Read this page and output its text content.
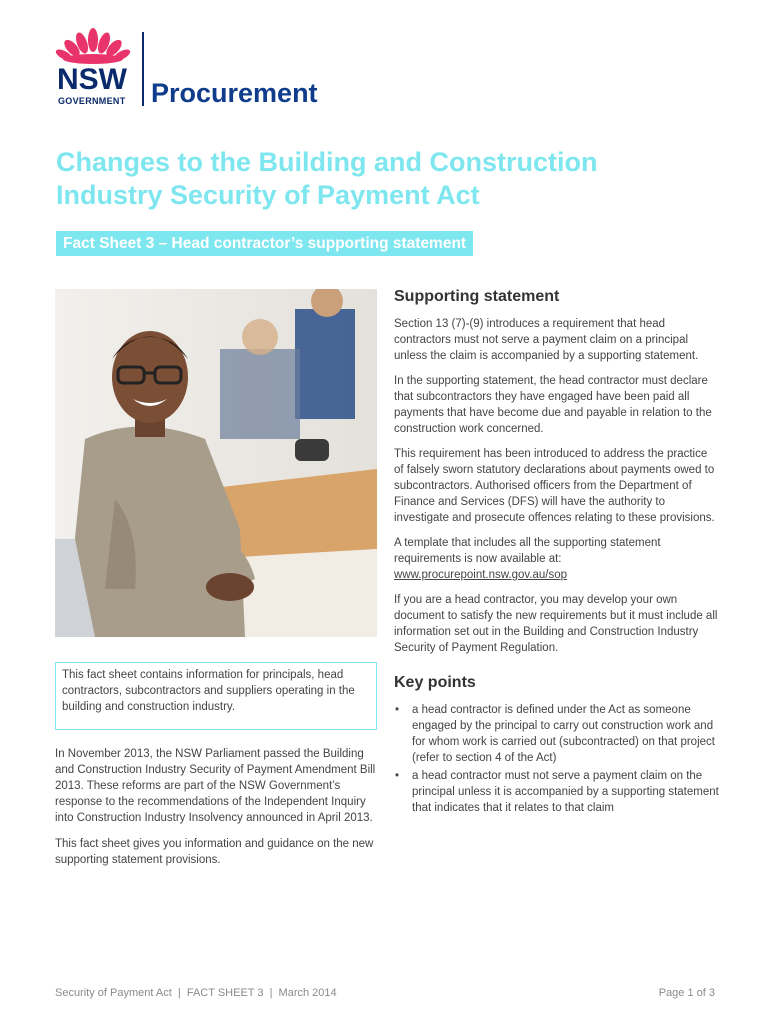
NSW
GOVERNMENT Procurement
Changes to the Building and Construction
Industry Security of Payment Act
Fact Sheet 3 – Head contractor’s supporting statement
This fact sheet contains information for principals, head contractors, subcontractors and suppliers operating in the building and construction industry.

In November 2013, the NSW Parliament passed the Building and Construction Industry Security of Payment Amendment Bill 2013. These reforms are part of the NSW Government’s response to the recommendations of the Independent Inquiry into Construction Industry Insolvency announced in April 2013.

This fact sheet gives you information and guidance on the new supporting statement provisions.

Supporting statement

Section 13 (7)-(9) introduces a requirement that head contractors must not serve a payment claim on a principal unless the claim is accompanied by a supporting statement.

In the supporting statement, the head contractor must declare that subcontractors they have engaged have been paid all payments that have become due and payable in relation to the construction work concerned.

This requirement has been introduced to address the practice of falsely sworn statutory declarations about payments owed to subcontractors. Authorised officers from the Department of Finance and Services (DFS) will have the authority to investigate and prosecute offences relating to these provisions.

A template that includes all the supporting statement requirements is now available at:
www.procurepoint.nsw.gov.au/sop

If you are a head contractor, you may develop your own document to satisfy the new requirements but it must include all information set out in the Building and Construction Industry Security of Payment Regulation.

Key points
• a head contractor is defined under the Act as someone engaged by the principal to carry out construction work and for whom work is carried out (subcontracted) on that project (refer to section 4 of the Act)
• a head contractor must not serve a payment claim on the principal unless it is accompanied by a supporting statement that indicates that it relates to that claim
Security of Payment Act  |  FACT SHEET 3  |  March 2014	Page 1 of 3
